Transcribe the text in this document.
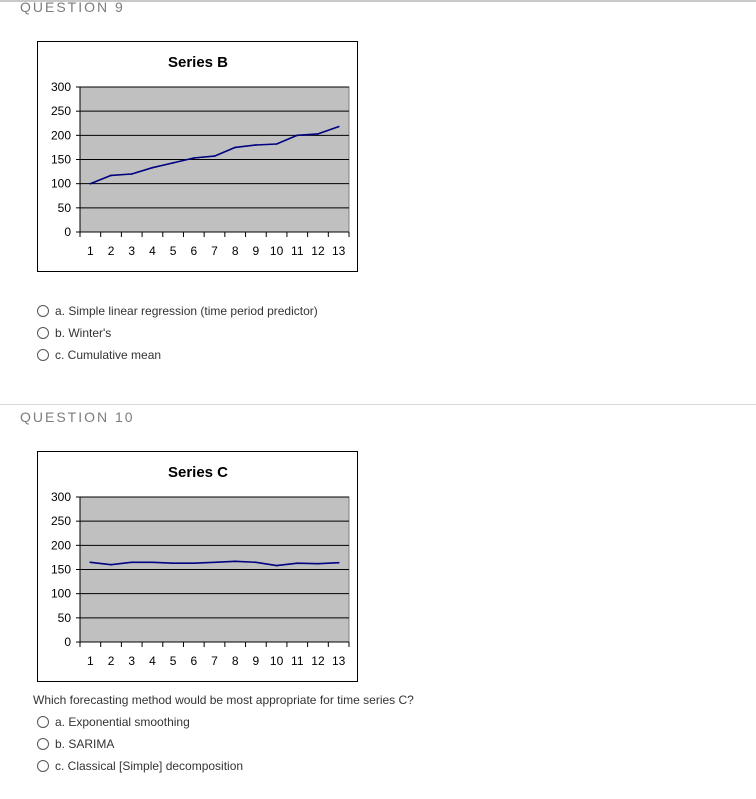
QUESTION 9
Series B
0
50
100
150
200
250
300
1 2 3 4 5 6 7 8 9 10 11 12 13
a. Simple linear regression (time period predictor)
b. Winter's
c. Cumulative mean
QUESTION 10
Series C
0
50
100
150
200
250
300
1 2 3 4 5 6 7 8 9 10 11 12 13
Which forecasting method would be most appropriate for time series C?
a. Exponential smoothing
b. SARIMA
c. Classical [Simple] decomposition
